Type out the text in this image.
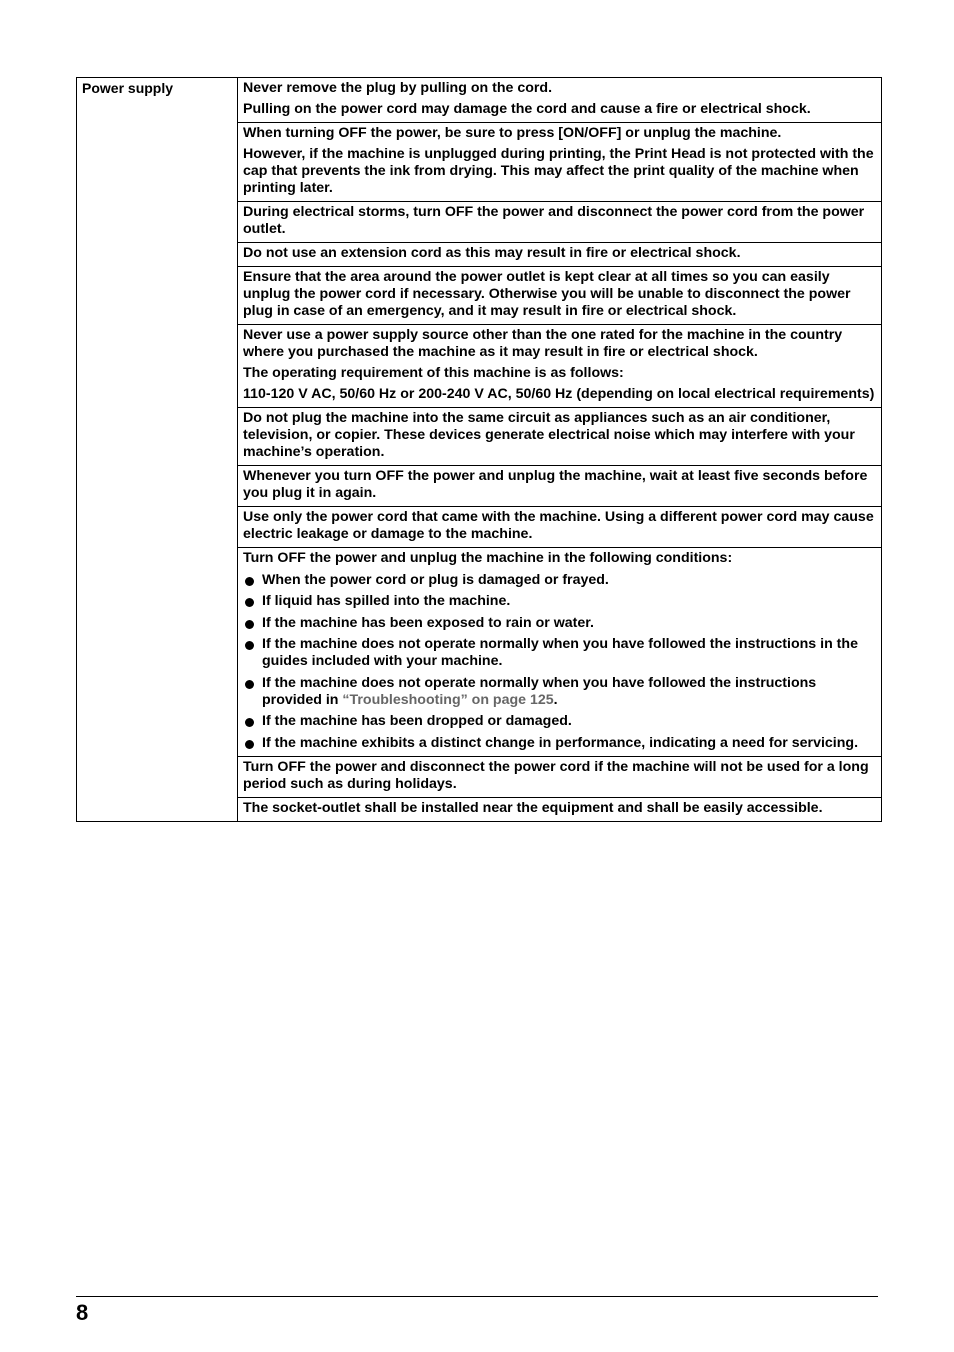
Power supply	Never remove the plug by pulling on the cord.

Pulling on the power cord may damage the cord and cause a fire or electrical shock.

When turning OFF the power, be sure to press [ON/OFF] or unplug the machine.

However, if the machine is unplugged during printing, the Print Head is not protected with the cap that prevents the ink from drying. This may affect the print quality of the machine when printing later.

During electrical storms, turn OFF the power and disconnect the power cord from the power outlet.

Do not use an extension cord as this may result in fire or electrical shock.

Ensure that the area around the power outlet is kept clear at all times so you can easily unplug the power cord if necessary. Otherwise you will be unable to disconnect the power plug in case of an emergency, and it may result in fire or electrical shock.

Never use a power supply source other than the one rated for the machine in the country where you purchased the machine as it may result in fire or electrical shock.

The operating requirement of this machine is as follows:

110-120 V AC, 50/60 Hz or 200-240 V AC, 50/60 Hz (depending on local electrical requirements)

Do not plug the machine into the same circuit as appliances such as an air conditioner, television, or copier. These devices generate electrical noise which may interfere with your machine’s operation.

Whenever you turn OFF the power and unplug the machine, wait at least five seconds before you plug it in again.

Use only the power cord that came with the machine. Using a different power cord may cause electric leakage or damage to the machine.

Turn OFF the power and unplug the machine in the following conditions:

When the power cord or plug is damaged or frayed.
If liquid has spilled into the machine.
If the machine has been exposed to rain or water.
If the machine does not operate normally when you have followed the instructions in the guides included with your machine.
If the machine does not operate normally when you have followed the instructions provided in “Troubleshooting” on page 125.
If the machine has been dropped or damaged.
If the machine exhibits a distinct change in performance, indicating a need for servicing.

Turn OFF the power and disconnect the power cord if the machine will not be used for a long period such as during holidays.

The socket-outlet shall be installed near the equipment and shall be easily accessible.

8
